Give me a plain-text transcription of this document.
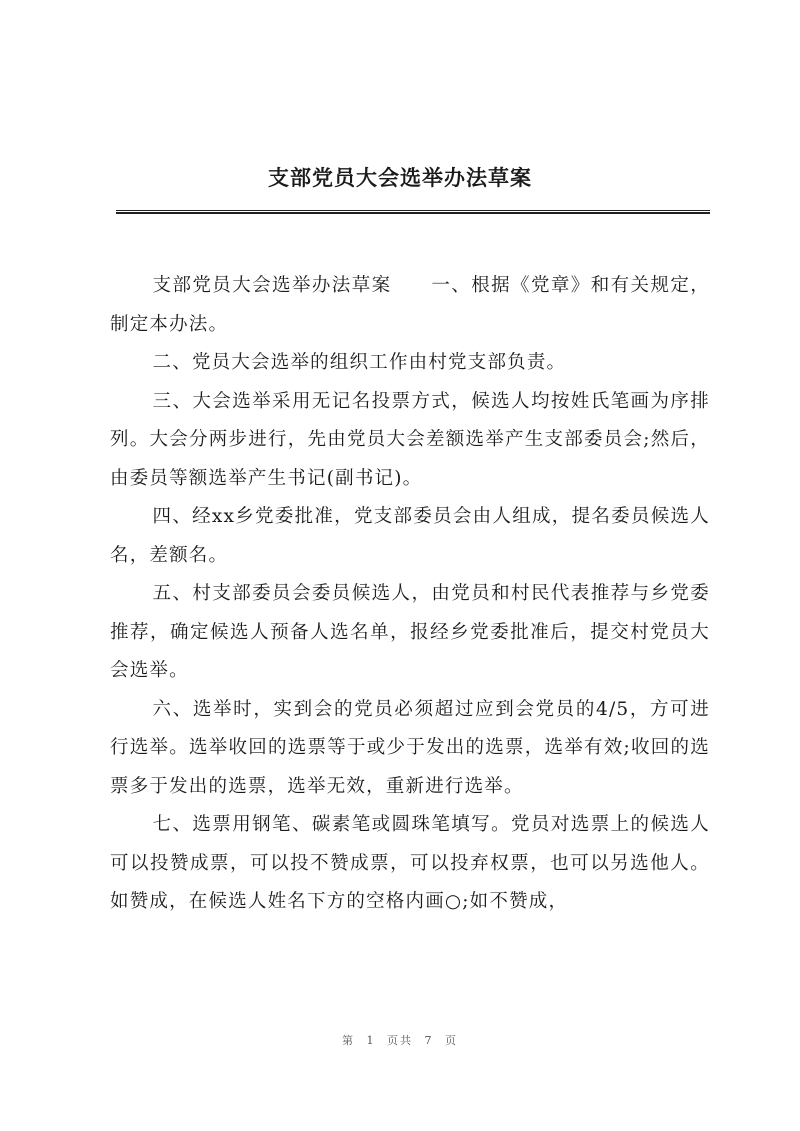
支部党员大会选举办法草案

支部党员大会选举办法草案　　一、根据《党章》和有关规定，制定本办法。

二、党员大会选举的组织工作由村党支部负责。

三、大会选举采用无记名投票方式，候选人均按姓氏笔画为序排列。大会分两步进行，先由党员大会差额选举产生支部委员会;然后，由委员等额选举产生书记(副书记)。

四、经xx乡党委批准，党支部委员会由人组成，提名委员候选人名，差额名。

五、村支部委员会委员候选人，由党员和村民代表推荐与乡党委推荐，确定候选人预备人选名单，报经乡党委批准后，提交村党员大会选举。

六、选举时，实到会的党员必须超过应到会党员的4/5，方可进行选举。选举收回的选票等于或少于发出的选票，选举有效;收回的选票多于发出的选票，选举无效，重新进行选举。

七、选票用钢笔、碳素笔或圆珠笔填写。党员对选票上的候选人可以投赞成票，可以投不赞成票，可以投弃权票，也可以另选他人。如赞成，在候选人姓名下方的空格内画○;如不赞成，

第 1 页共 7 页
